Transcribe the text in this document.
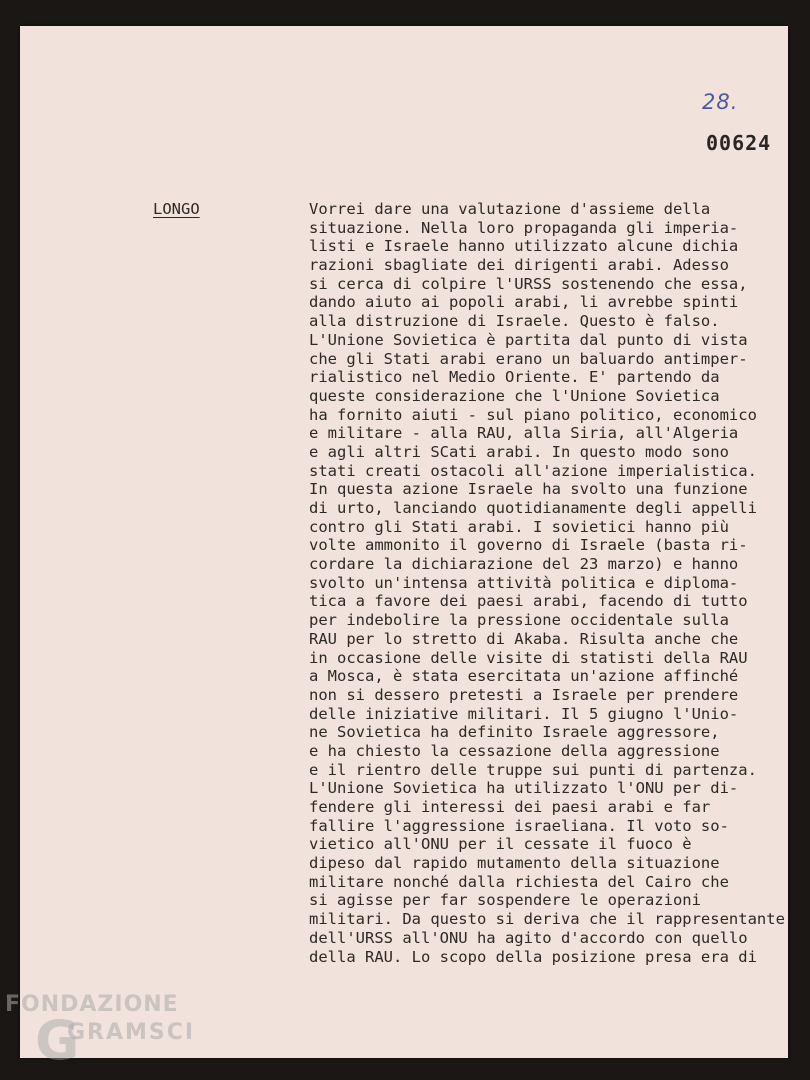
28.
00624
LONGO	Vorrei dare una valutazione d'assieme della
situazione. Nella loro propaganda gli imperia-
listi e Israele hanno utilizzato alcune dichia
razioni sbagliate dei dirigenti arabi. Adesso
si cerca di colpire l'URSS sostenendo che essa,
dando aiuto ai popoli arabi, li avrebbe spinti
alla distruzione di Israele. Questo è falso.
L'Unione Sovietica è partita dal punto di vista
che gli Stati arabi erano un baluardo antimper-
rialistico nel Medio Oriente. E' partendo da
queste considerazione che l'Unione Sovietica
ha fornito aiuti - sul piano politico, economico
e militare - alla RAU, alla Siria, all'Algeria
e agli altri SCati arabi. In questo modo sono
stati creati ostacoli all'azione imperialistica.
In questa azione Israele ha svolto una funzione
di urto, lanciando quotidianamente degli appelli
contro gli Stati arabi. I sovietici hanno più
volte ammonito il governo di Israele (basta ri-
cordare la dichiarazione del 23 marzo) e hanno
svolto un'intensa attività politica e diploma-
tica a favore dei paesi arabi, facendo di tutto
per indebolire la pressione occidentale sulla
RAU per lo stretto di Akaba. Risulta anche che
in occasione delle visite di statisti della RAU
a Mosca, è stata esercitata un'azione affinché
non si dessero pretesti a Israele per prendere
delle iniziative militari. Il 5 giugno l'Unio-
ne Sovietica ha definito Israele aggressore,
e ha chiesto la cessazione della aggressione
e il rientro delle truppe sui punti di partenza.
L'Unione Sovietica ha utilizzato l'ONU per di-
fendere gli interessi dei paesi arabi e far
fallire l'aggressione israeliana. Il voto so-
vietico all'ONU per il cessate il fuoco è
dipeso dal rapido mutamento della situazione
militare nonché dalla richiesta del Cairo che
si agisse per far sospendere le operazioni
militari. Da questo si deriva che il rappresentante
dell'URSS all'ONU ha agito d'accordo con quello
della RAU. Lo scopo della posizione presa era di
G
FONDAZIONE
GRAMSCI
